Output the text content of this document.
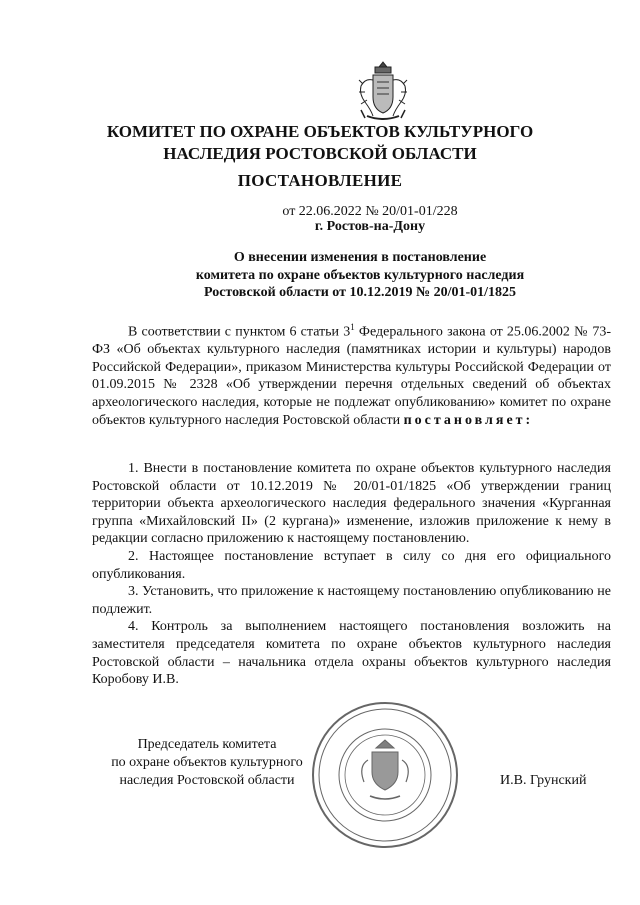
КОМИТЕТ ПО ОХРАНЕ ОБЪЕКТОВ КУЛЬТУРНОГО
НАСЛЕДИЯ РОСТОВСКОЙ ОБЛАСТИ
ПОСТАНОВЛЕНИЕ
от 22.06.2022 № 20/01-01/228
г. Ростов-на-Дону
О внесении изменения в постановление
комитета по охране объектов культурного наследия
Ростовской области от 10.12.2019 № 20/01-01/1825
В соответствии с пунктом 6 статьи $3^1$ Федерального закона от 25.06.2002 № 73-ФЗ «Об объектах культурного наследия (памятниках истории и культуры) народов Российской Федерации», приказом Министерства культуры Российской Федерации от 01.09.2015 № 2328 «Об утверждении перечня отдельных сведений об объектах археологического наследия, которые не подлежат опубликованию» комитет по охране объектов культурного наследия Ростовской области постановляет:

1. Внести в постановление комитета по охране объектов культурного наследия Ростовской области от 10.12.2019 № 20/01-01/1825 «Об утверждении границ территории объекта археологического наследия федерального значения «Курганная группа «Михайловский II» (2 кургана)» изменение, изложив приложение к нему в редакции согласно приложению к настоящему постановлению.

2. Настоящее постановление вступает в силу со дня его официального опубликования.

3. Установить, что приложение к настоящему постановлению опубликованию не подлежит.

4. Контроль за выполнением настоящего постановления возложить на заместителя председателя комитета по охране объектов культурного наследия Ростовской области – начальника отдела охраны объектов культурного наследия Коробову И.В.

Председатель комитета
по охране объектов культурного
наследия Ростовской области	И.В. Грунский
